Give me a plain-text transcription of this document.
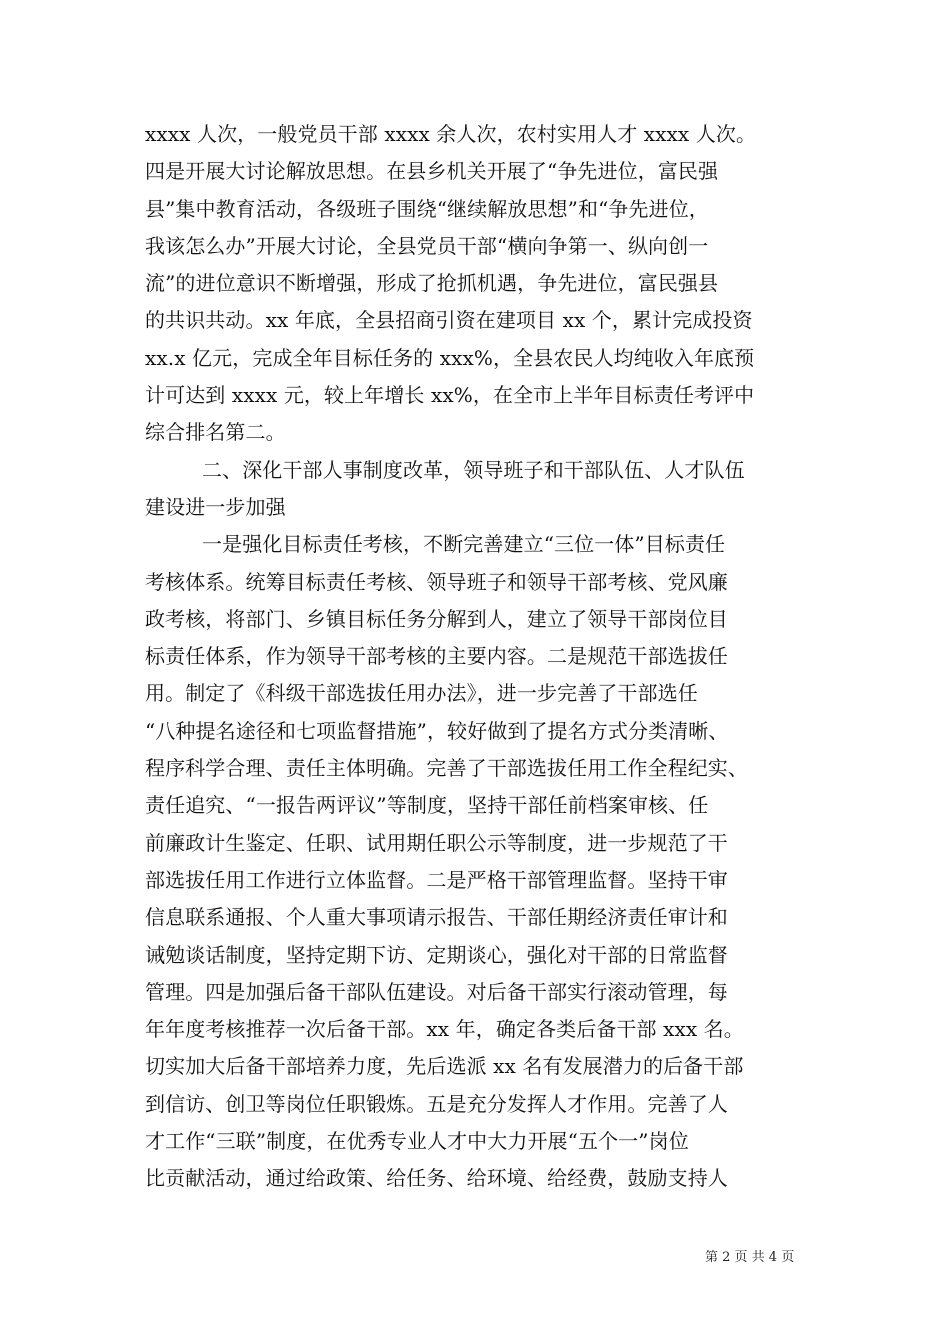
xxxx 人次，一般党员干部 xxxx 余人次，农村实用人才 xxxx 人次。
四是开展大讨论解放思想。在县乡机关开展了“争先进位，富民强
县”集中教育活动，各级班子围绕“继续解放思想”和“争先进位，
我该怎么办”开展大讨论，全县党员干部“横向争第一、纵向创一
流”的进位意识不断增强，形成了抢抓机遇，争先进位，富民强县
的共识共动。xx 年底，全县招商引资在建项目 xx 个，累计完成投资
xx.x 亿元，完成全年目标任务的 xxx%，全县农民人均纯收入年底预
计可达到 xxxx 元，较上年增长 xx%，在全市上半年目标责任考评中
综合排名第二。
二、深化干部人事制度改革，领导班子和干部队伍、人才队伍
建设进一步加强
一是强化目标责任考核，不断完善建立“三位一体”目标责任
考核体系。统筹目标责任考核、领导班子和领导干部考核、党风廉
政考核，将部门、乡镇目标任务分解到人，建立了领导干部岗位目
标责任体系，作为领导干部考核的主要内容。二是规范干部选拔任
用。制定了《科级干部选拔任用办法》，进一步完善了干部选任
“八种提名途径和七项监督措施”，较好做到了提名方式分类清晰、
程序科学合理、责任主体明确。完善了干部选拔任用工作全程纪实、
责任追究、“一报告两评议”等制度，坚持干部任前档案审核、任
前廉政计生鉴定、任职、试用期任职公示等制度，进一步规范了干
部选拔任用工作进行立体监督。二是严格干部管理监督。坚持干审
信息联系通报、个人重大事项请示报告、干部任期经济责任审计和
诫勉谈话制度，坚持定期下访、定期谈心，强化对干部的日常监督
管理。四是加强后备干部队伍建设。对后备干部实行滚动管理，每
年年度考核推荐一次后备干部。xx 年，确定各类后备干部 xxx 名。
切实加大后备干部培养力度，先后选派 xx 名有发展潜力的后备干部
到信访、创卫等岗位任职锻炼。五是充分发挥人才作用。完善了人
才工作“三联”制度，在优秀专业人才中大力开展“五个一”岗位
比贡献活动，通过给政策、给任务、给环境、给经费，鼓励支持人
第 2 页 共 4 页
